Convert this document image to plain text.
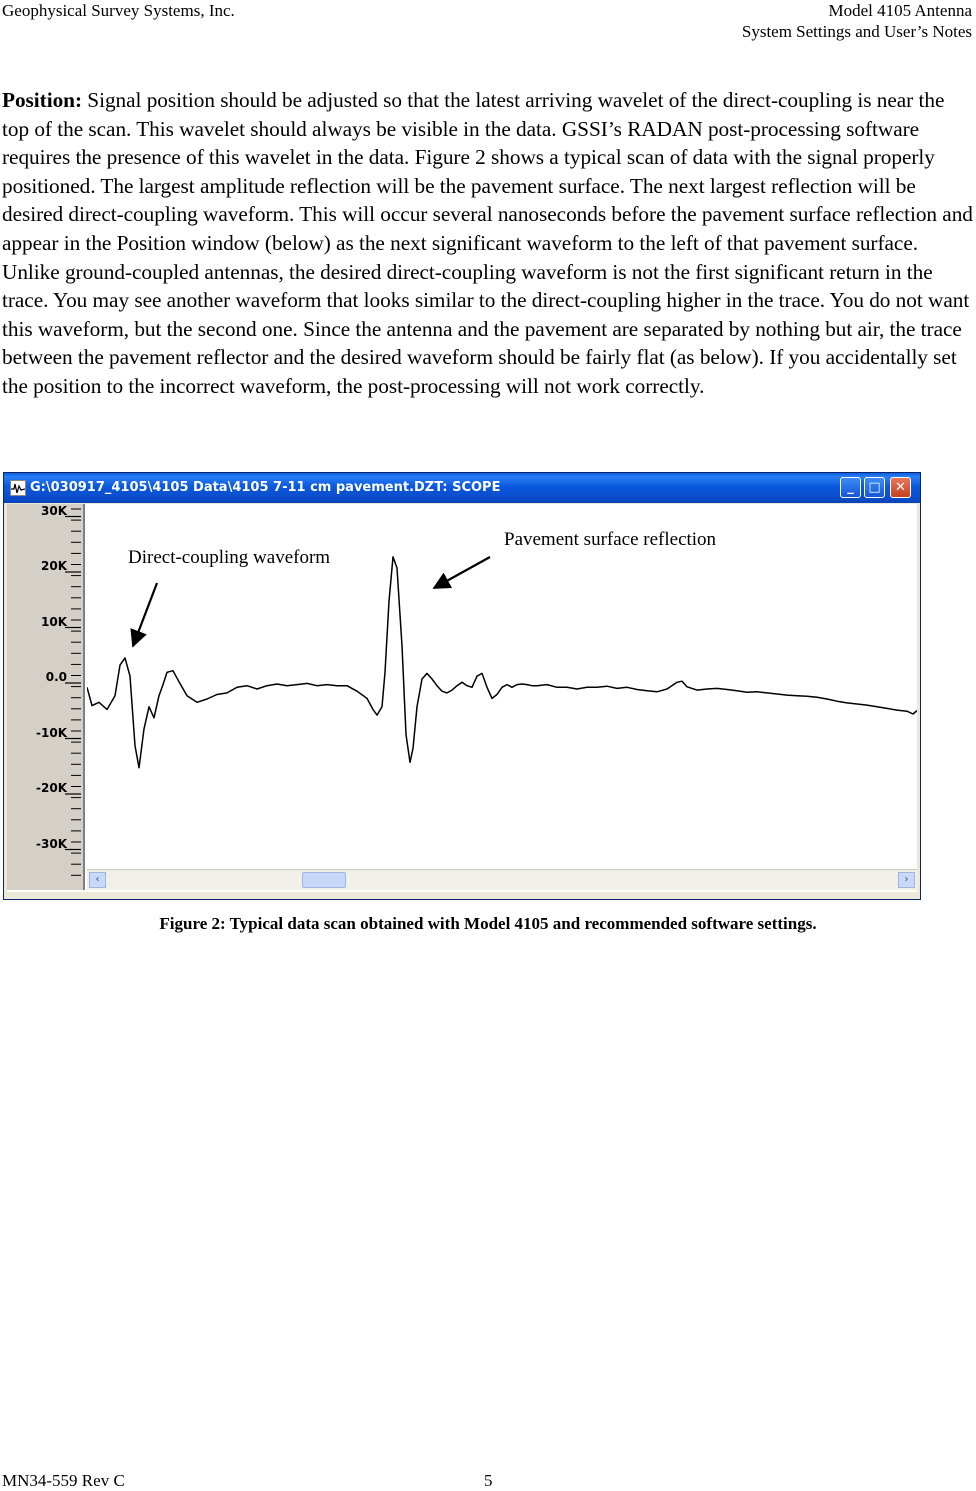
Geophysical Survey Systems, Inc.	Model 4105 Antenna
System Settings and User’s Notes
Position: Signal position should be adjusted so that the latest arriving wavelet of the direct-coupling is near the top of the scan. This wavelet should always be visible in the data. GSSI’s RADAN post-processing software requires the presence of this wavelet in the data. Figure 2 shows a typical scan of data with the signal properly positioned. The largest amplitude reflection will be the pavement surface. The next largest reflection will be desired direct-coupling waveform. This will occur several nanoseconds before the pavement surface reflection and appear in the Position window (below) as the next significant waveform to the left of that pavement surface. Unlike ground-coupled antennas, the desired direct-coupling waveform is not the first significant return in the trace. You may see another waveform that looks similar to the direct-coupling higher in the trace. You do not want this waveform, but the second one. Since the antenna and the pavement are separated by nothing but air, the trace between the pavement reflector and the desired waveform should be fairly flat (as below). If you accidentally set the position to the incorrect waveform, the post-processing will not work correctly.
G:\030917_4105\4105 Data\4105 7-11 cm pavement.DZT: SCOPE	_	□	✕
30K
20K
10K
0.0
-10K
-20K
-30K
‹	›
Direct-coupling waveform
Pavement surface reflection
Figure 2: Typical data scan obtained with Model 4105 and recommended software settings.
MN34-559 Rev C	5
